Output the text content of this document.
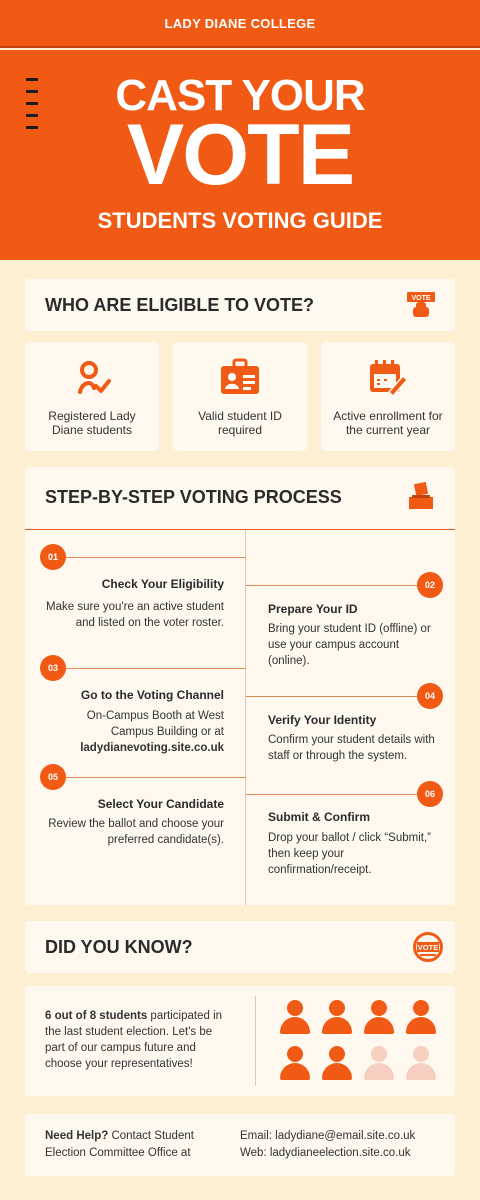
LADY DIANE COLLEGE
CAST YOUR
VOTE
STUDENTS VOTING GUIDE
WHO ARE ELIGIBLE TO VOTE?	VOTE
Registered Lady Diane students
Valid student ID required
Active enrollment for the current year
STEP-BY-STEP VOTING PROCESS
01
Check Your Eligibility
Make sure you're an active student and listed on the voter roster.
02
Prepare Your ID
Bring your student ID (offline) or use your campus account (online).
03
Go to the Voting Channel
On-Campus Booth at West Campus Building or at ladydianevoting.site.co.uk
04
Verify Your Identity
Confirm your student details with staff or through the system.
05
Select Your Candidate
Review the ballot and choose your preferred candidate(s).
06
Submit & Confirm
Drop your ballot / click “Submit,” then keep your confirmation/receipt.
DID YOU KNOW?	VOTE
6 out of 8 students participated in the last student election. Let's be part of our campus future and choose your representatives!
Need Help? Contact Student Election Committee Office at
Email: ladydiane@email.site.co.uk
Web: ladydianeelection.site.co.uk
